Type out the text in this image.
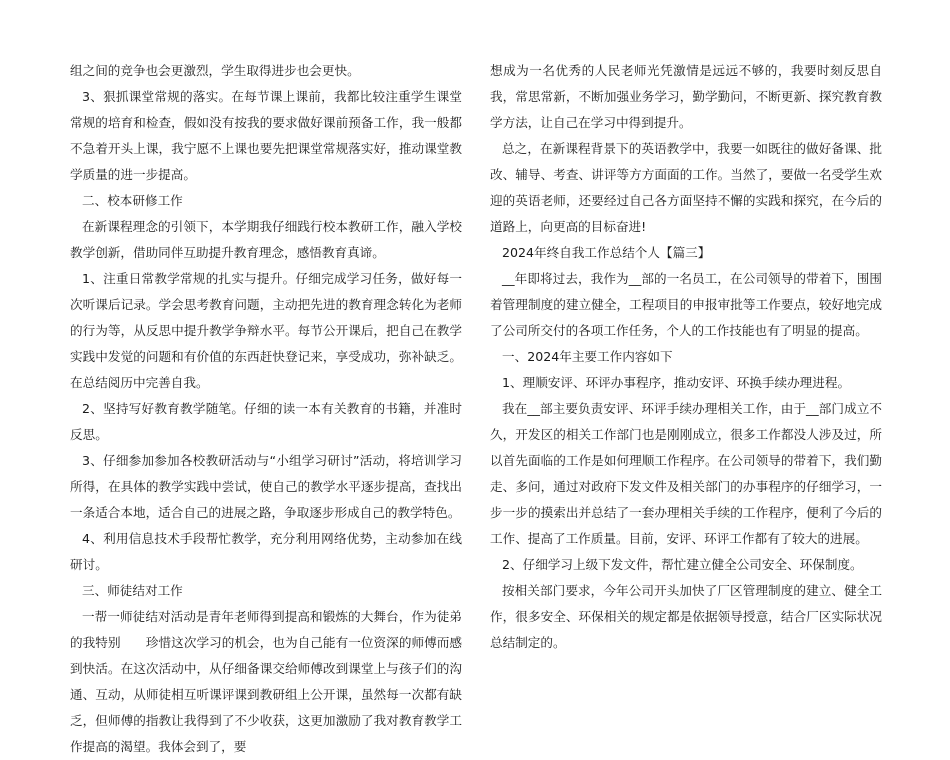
组之间的竞争也会更激烈，学生取得进步也会更快。

3、狠抓课堂常规的落实。在每节课上课前，我都比较注重学生课堂常规的培育和检查，假如没有按我的要求做好课前预备工作，我一般都不急着开头上课，我宁愿不上课也要先把课堂常规落实好，推动课堂教学质量的进一步提高。

二、校本研修工作

在新课程理念的引领下，本学期我仔细践行校本教研工作，融入学校教学创新，借助同伴互助提升教育理念，感悟教育真谛。

1、注重日常教学常规的扎实与提升。仔细完成学习任务，做好每一次听课后记录。学会思考教育问题，主动把先进的教育理念转化为老师的行为等，从反思中提升教学争辩水平。每节公开课后，把自己在教学实践中发觉的问题和有价值的东西赶快登记来，享受成功，弥补缺乏。在总结阅历中完善自我。

2、坚持写好教育教学随笔。仔细的读一本有关教育的书籍，并准时反思。

3、仔细参加参加各校教研活动与“小组学习研讨”活动，将培训学习所得，在具体的教学实践中尝试，使自己的教学水平逐步提高，查找出一条适合本地，适合自己的进展之路，争取逐步形成自己的教学特色。

4、利用信息技术手段帮忙教学，充分利用网络优势，主动参加在线研讨。

三、师徒结对工作

一帮一师徒结对活动是青年老师得到提高和锻炼的大舞台，作为徒弟的我特别　　珍惜这次学习的机会，也为自己能有一位资深的师傅而感到快活。在这次活动中，从仔细备课交给师傅改到课堂上与孩子们的沟通、互动，从师徒相互听课评课到教研组上公开课，虽然每一次都有缺乏，但师傅的指教让我得到了不少收获，这更加激励了我对教育教学工作提高的渴望。我体会到了，要

想成为一名优秀的人民老师光凭激情是远远不够的，我要时刻反思自我，常思常新，不断加强业务学习，勤学勤问，不断更新、探究教育教学方法，让自己在学习中得到提升。

总之，在新课程背景下的英语教学中，我要一如既往的做好备课、批改、辅导、考查、讲评等方方面面的工作。当然了，要做一名受学生欢迎的英语老师，还要经过自己各方面坚持不懈的实践和探究，在今后的道路上，向更高的目标奋进!

2024年终自我工作总结个人【篇三】

__年即将过去，我作为__部的一名员工，在公司领导的带着下，围围着管理制度的建立健全，工程项目的申报审批等工作要点，较好地完成了公司所交付的各项工作任务，个人的工作技能也有了明显的提高。

一、2024年主要工作内容如下

1、理顺安评、环评办事程序，推动安评、环换手续办理进程。

我在__部主要负责安评、环评手续办理相关工作，由于__部门成立不久，开发区的相关工作部门也是刚刚成立，很多工作都没人涉及过，所以首先面临的工作是如何理顺工作程序。在公司领导的带着下，我们勤走、多问，通过对政府下发文件及相关部门的办事程序的仔细学习，一步一步的摸索出并总结了一套办理相关手续的工作程序，便利了今后的工作、提高了工作质量。目前，安评、环评工作都有了较大的进展。

2、仔细学习上级下发文件，帮忙建立健全公司安全、环保制度。

按相关部门要求，今年公司开头加快了厂区管理制度的建立、健全工作，很多安全、环保相关的规定都是依据领导授意，结合厂区实际状况总结制定的。
